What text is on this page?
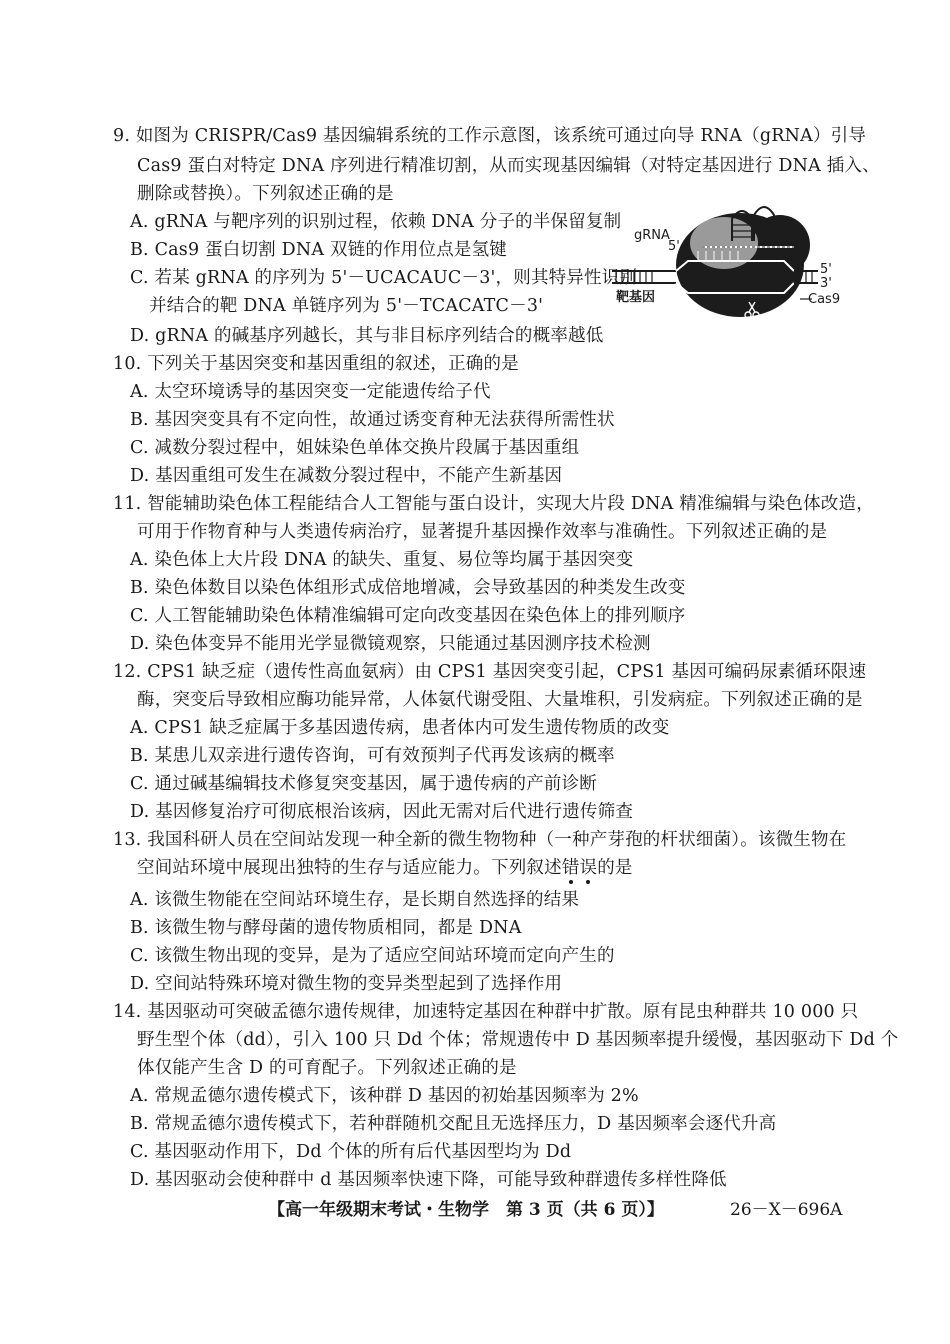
9. 如图为 CRISPR/Cas9 基因编辑系统的工作示意图，该系统可通过向导 RNA（gRNA）引导
Cas9 蛋白对特定 DNA 序列进行精准切割，从而实现基因编辑（对特定基因进行 DNA 插入、
删除或替换）。下列叙述正确的是
A. gRNA 与靶序列的识别过程，依赖 DNA 分子的半保留复制
B. Cas9 蛋白切割 DNA 双链的作用位点是氢键
C. 若某 gRNA 的序列为 5'－UCACAUC－3'，则其特异性识别
并结合的靶 DNA 单链序列为 5'－TCACATC－3'
D. gRNA 的碱基序列越长，其与非目标序列结合的概率越低
gRNA
5'
靶序列
靶基因
5'
3'
Cas9
10. 下列关于基因突变和基因重组的叙述，正确的是
A. 太空环境诱导的基因突变一定能遗传给子代
B. 基因突变具有不定向性，故通过诱变育种无法获得所需性状
C. 减数分裂过程中，姐妹染色单体交换片段属于基因重组
D. 基因重组可发生在减数分裂过程中，不能产生新基因
11. 智能辅助染色体工程能结合人工智能与蛋白设计，实现大片段 DNA 精准编辑与染色体改造，
可用于作物育种与人类遗传病治疗，显著提升基因操作效率与准确性。下列叙述正确的是
A. 染色体上大片段 DNA 的缺失、重复、易位等均属于基因突变
B. 染色体数目以染色体组形式成倍地增减，会导致基因的种类发生改变
C. 人工智能辅助染色体精准编辑可定向改变基因在染色体上的排列顺序
D. 染色体变异不能用光学显微镜观察，只能通过基因测序技术检测
12. CPS1 缺乏症（遗传性高血氨病）由 CPS1 基因突变引起，CPS1 基因可编码尿素循环限速
酶，突变后导致相应酶功能异常，人体氨代谢受阻、大量堆积，引发病症。下列叙述正确的是
A. CPS1 缺乏症属于多基因遗传病，患者体内可发生遗传物质的改变
B. 某患儿双亲进行遗传咨询，可有效预判子代再发该病的概率
C. 通过碱基编辑技术修复突变基因，属于遗传病的产前诊断
D. 基因修复治疗可彻底根治该病，因此无需对后代进行遗传筛查
13. 我国科研人员在空间站发现一种全新的微生物物种（一种产芽孢的杆状细菌）。该微生物在
空间站环境中展现出独特的生存与适应能力。下列叙述错误
的是
A. 该微生物能在空间站环境生存，是长期自然选择的结果
B. 该微生物与酵母菌的遗传物质相同，都是 DNA
C. 该微生物出现的变异，是为了适应空间站环境而定向产生的
D. 空间站特殊环境对微生物的变异类型起到了选择作用
14. 基因驱动可突破孟德尔遗传规律，加速特定基因在种群中扩散。原有昆虫种群共 10 000 只
野生型个体（dd），引入 100 只 Dd 个体；常规遗传中 D 基因频率提升缓慢，基因驱动下 Dd 个
体仅能产生含 D 的可育配子。下列叙述正确的是
A. 常规孟德尔遗传模式下，该种群 D 基因的初始基因频率为 2%
B. 常规孟德尔遗传模式下，若种群随机交配且无选择压力，D 基因频率会逐代升高
C. 基因驱动作用下，Dd 个体的所有后代基因型均为 Dd
D. 基因驱动会使种群中 d 基因频率快速下降，可能导致种群遗传多样性降低
【高一年级期末考试・生物学　第 3 页（共 6 页）】	26－X－696A
